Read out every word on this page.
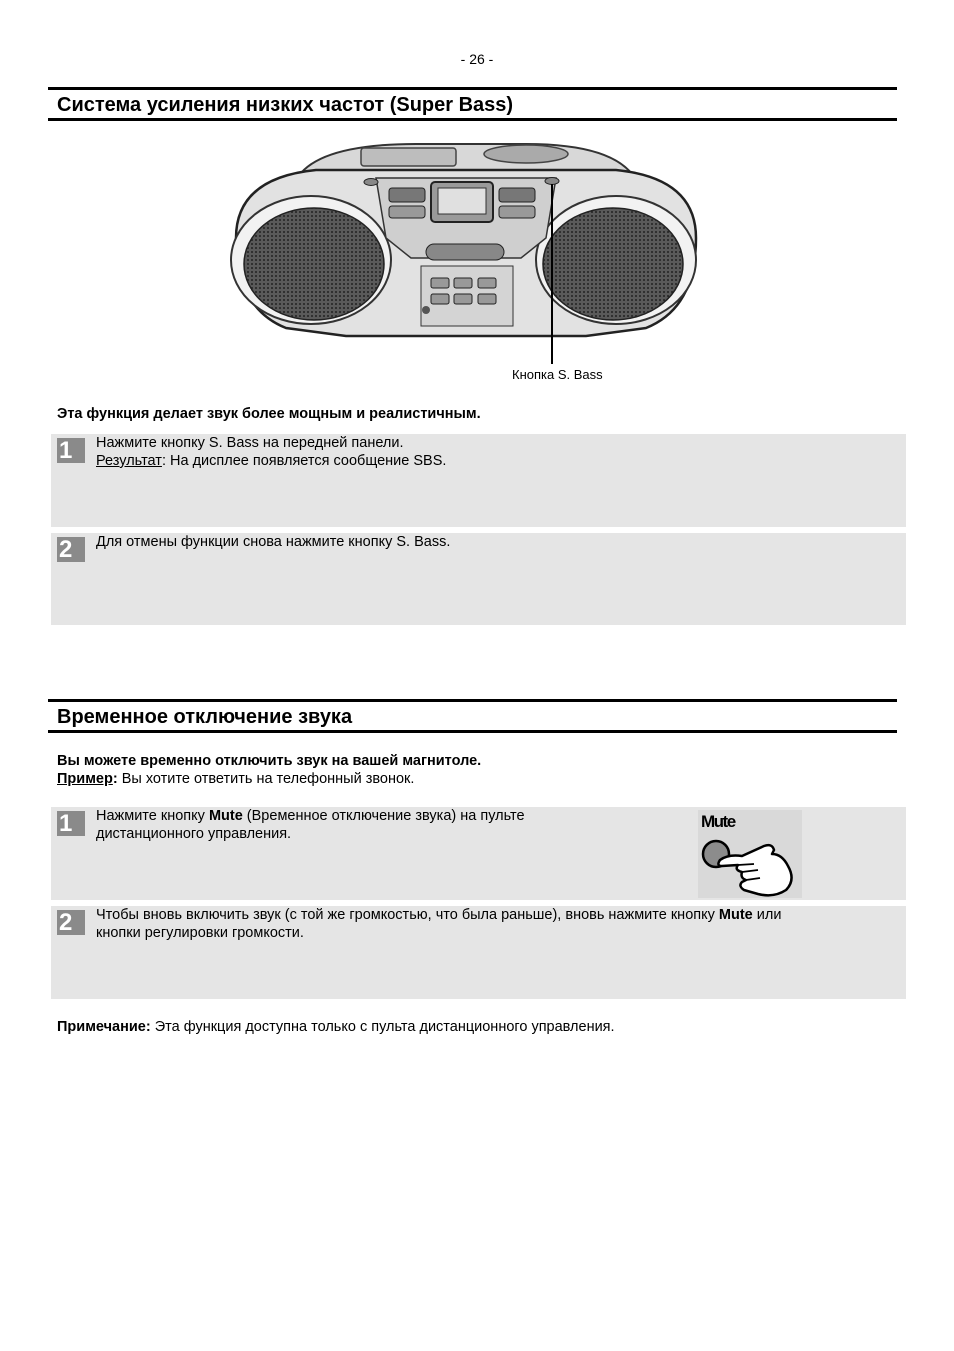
- 26 -
Система усиления низких частот (Super Bass)
Кнопка S. Bass
Эта функция делает звук более мощным и реалистичным.
1	Нажмите кнопку S. Bass на передней панели.
Результат: На дисплее появляется сообщение SBS.
2	Для отмены функции снова нажмите кнопку S. Bass.
Временное отключение звука
Вы можете временно отключить звук на вашей магнитоле.
Пример: Вы хотите ответить на телефонный звонок.
1	Нажмите кнопку Mute (Временное отключение звука) на пульте
дистанционного управления.
Mute
2	Чтобы вновь включить звук (с той же громкостью, что была раньше), вновь нажмите кнопку Mute или
кнопки регулировки громкости.
Примечание: Эта функция доступна только с пульта дистанционного управления.
